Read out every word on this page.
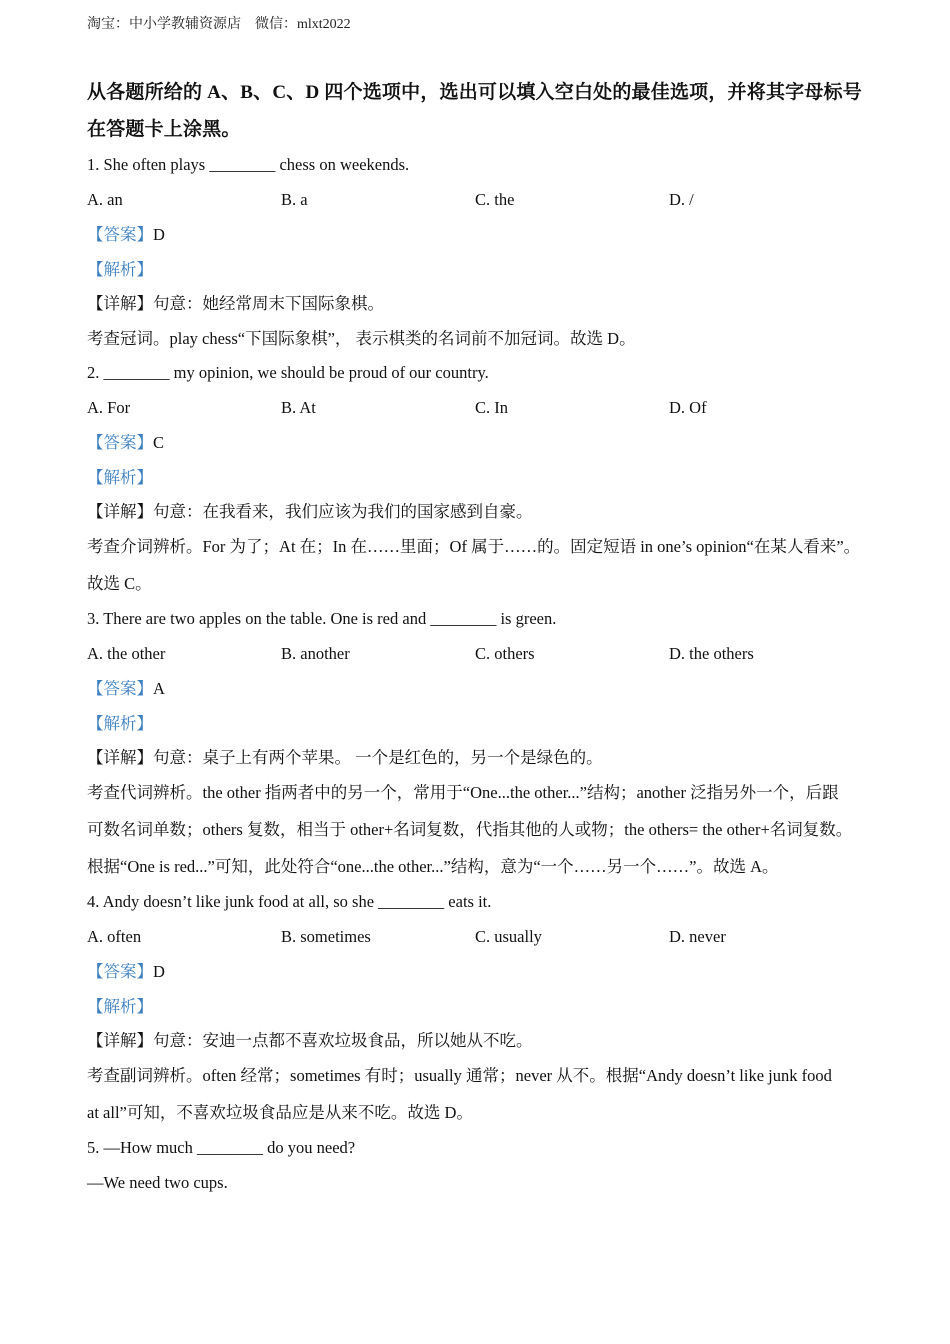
淘宝：中小学教辅资源店 微信：mlxt2022
从各题所给的 A、B、C、D 四个选项中，选出可以填入空白处的最佳选项，并将其字母标号在答题卡上涂黑。
1. She often plays ________ chess on weekends.
A. an	B. a	C. the	D. /
【答案】D
【解析】
【详解】句意：她经常周末下国际象棋。
考查冠词。play chess“下国际象棋”， 表示棋类的名词前不加冠词。故选 D。
2. ________ my opinion, we should be proud of our country.
A. For	B. At	C. In	D. Of
【答案】C
【解析】
【详解】句意：在我看来，我们应该为我们的国家感到自豪。
考查介词辨析。For 为了；At 在；In 在……里面；Of 属于……的。固定短语 in one’s opinion“在某人看来”。
故选 C。
3. There are two apples on the table. One is red and ________ is green.
A. the other	B. another	C. others	D. the others
【答案】A
【解析】
【详解】句意：桌子上有两个苹果。 一个是红色的，另一个是绿色的。
考查代词辨析。the other 指两者中的另一个，常用于“One...the other...”结构；another 泛指另外一个，后跟
可数名词单数；others 复数，相当于 other+名词复数，代指其他的人或物；the others= the other+名词复数。
根据“One is red...”可知，此处符合“one...the other...”结构，意为“一个……另一个……”。故选 A。
4. Andy doesn’t like junk food at all, so she ________ eats it.
A. often	B. sometimes	C. usually	D. never
【答案】D
【解析】
【详解】句意：安迪一点都不喜欢垃圾食品，所以她从不吃。
考查副词辨析。often 经常；sometimes 有时；usually 通常；never 从不。根据“Andy doesn’t like junk food
at all”可知，不喜欢垃圾食品应是从来不吃。故选 D。
5. —How much ________ do you need?
—We need two cups.
